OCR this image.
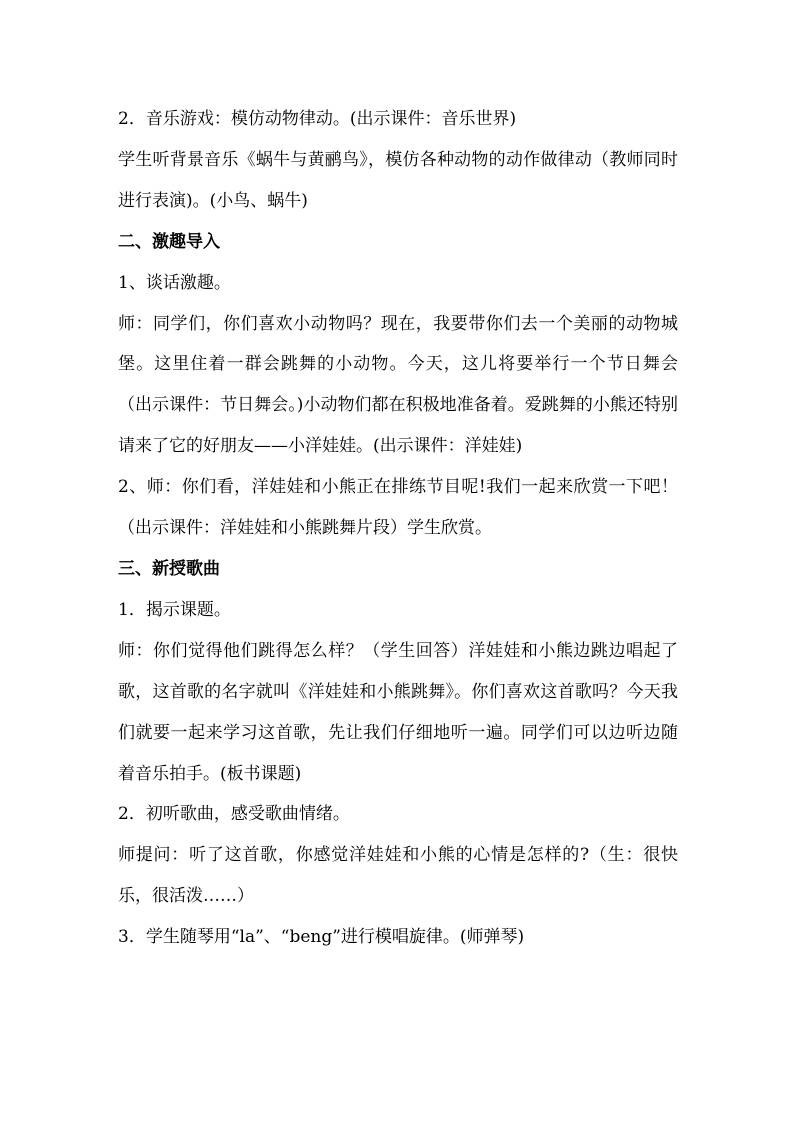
2．音乐游戏：模仿动物律动。(出示课件：音乐世界)

学生听背景音乐《蜗牛与黄鹂鸟》，模仿各种动物的动作做律动（教师同时进行表演)。(小鸟、蜗牛)

二、激趣导入

1、谈话激趣。

师：同学们，你们喜欢小动物吗？现在，我要带你们去一个美丽的动物城堡。这里住着一群会跳舞的小动物。今天，这儿将要举行一个节日舞会（出示课件：节日舞会。)小动物们都在积极地准备着。爱跳舞的小熊还特别请来了它的好朋友——小洋娃娃。(出示课件：洋娃娃)

2、师：你们看，洋娃娃和小熊正在排练节目呢!我们一起来欣赏一下吧！（出示课件：洋娃娃和小熊跳舞片段）学生欣赏。

三、新授歌曲

1．揭示课题。

师：你们觉得他们跳得怎么样？（学生回答）洋娃娃和小熊边跳边唱起了歌，这首歌的名字就叫《洋娃娃和小熊跳舞》。你们喜欢这首歌吗？今天我们就要一起来学习这首歌，先让我们仔细地听一遍。同学们可以边听边随着音乐拍手。(板书课题)

2．初听歌曲，感受歌曲情绪。

师提问：听了这首歌，你感觉洋娃娃和小熊的心情是怎样的?（生：很快乐，很活泼……）

3．学生随琴用“la”、“beng”进行模唱旋律。(师弹琴)
